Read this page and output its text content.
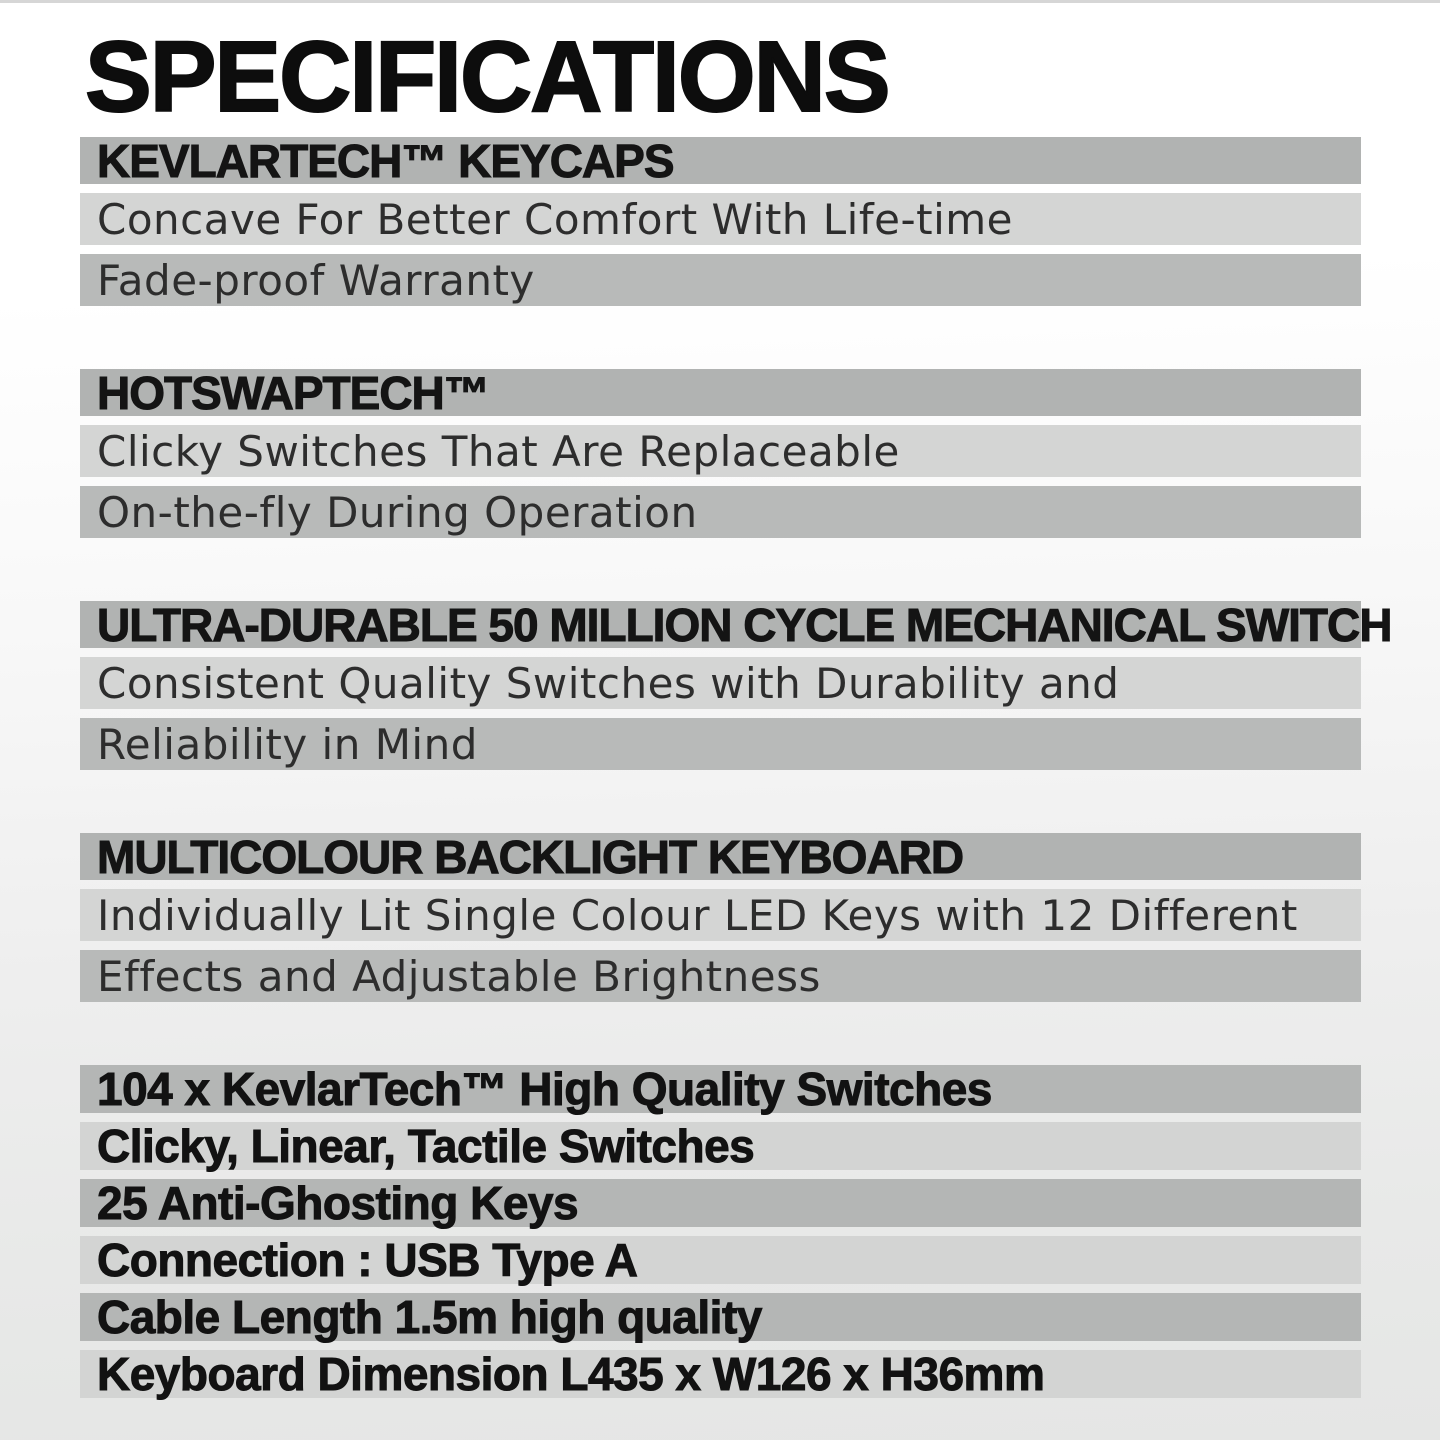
SPECIFICATIONS
KEVLARTECH™ KEYCAPS
Concave For Better Comfort With Life-time
Fade-proof Warranty
HOTSWAPTECH™
Clicky Switches That Are Replaceable
On-the-fly During Operation
ULTRA-DURABLE 50 MILLION CYCLE MECHANICAL SWITCH
Consistent Quality Switches with Durability and
Reliability in Mind
MULTICOLOUR BACKLIGHT KEYBOARD
Individually Lit Single Colour LED Keys with 12 Different
Effects and Adjustable Brightness
104 x KevlarTech™ High Quality Switches
Clicky, Linear, Tactile Switches
25 Anti-Ghosting Keys
Connection : USB Type A
Cable Length 1.5m high quality
Keyboard Dimension L435 x W126 x H36mm
